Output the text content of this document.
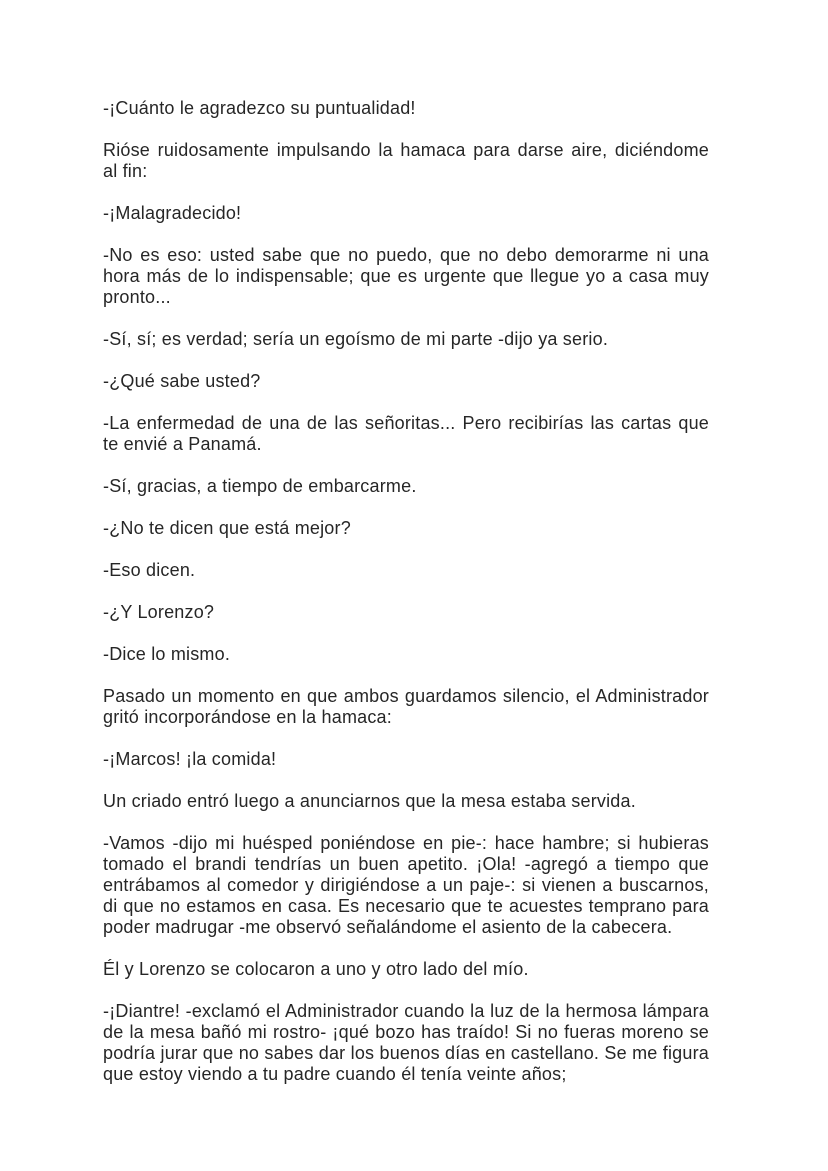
-¡Cuánto le agradezco su puntualidad!

Rióse ruidosamente impulsando la hamaca para darse aire, diciéndome al fin:

-¡Malagradecido!

-No es eso: usted sabe que no puedo, que no debo demorarme ni una hora más de lo indispensable; que es urgente que llegue yo a casa muy pronto...

-Sí, sí; es verdad; sería un egoísmo de mi parte -dijo ya serio.

-¿Qué sabe usted?

-La enfermedad de una de las señoritas... Pero recibirías las cartas que te envié a Panamá.

-Sí, gracias, a tiempo de embarcarme.

-¿No te dicen que está mejor?

-Eso dicen.

-¿Y Lorenzo?

-Dice lo mismo.

Pasado un momento en que ambos guardamos silencio, el Administrador gritó incorporándose en la hamaca:

-¡Marcos! ¡la comida!

Un criado entró luego a anunciarnos que la mesa estaba servida.

-Vamos -dijo mi huésped poniéndose en pie-: hace hambre; si hubieras tomado el brandi tendrías un buen apetito. ¡Ola! -agregó a tiempo que entrábamos al comedor y dirigiéndose a un paje-: si vienen a buscarnos, di que no estamos en casa. Es necesario que te acuestes temprano para poder madrugar -me observó señalándome el asiento de la cabecera.

Él y Lorenzo se colocaron a uno y otro lado del mío.

-¡Diantre! -exclamó el Administrador cuando la luz de la hermosa lámpara de la mesa bañó mi rostro- ¡qué bozo has traído! Si no fueras moreno se podría jurar que no sabes dar los buenos días en castellano. Se me figura que estoy viendo a tu padre cuando él tenía veinte años;
